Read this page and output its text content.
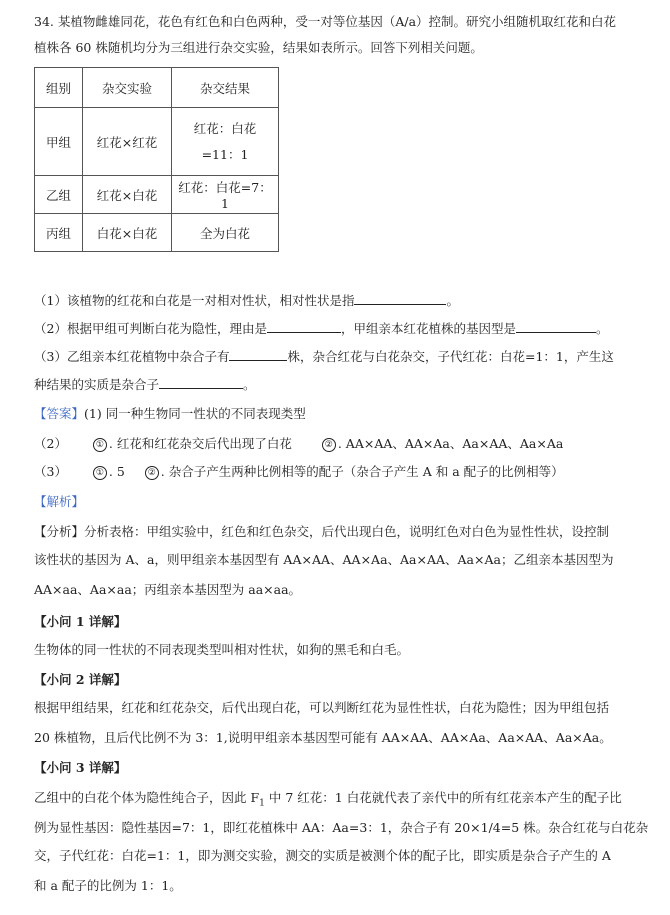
34. 某植物雌雄同花，花色有红色和白色两种，受一对等位基因（A/a）控制。研究小组随机取红花和白花
植株各 60 株随机均分为三组进行杂交实验，结果如表所示。回答下列相关问题。
组别	杂交实验	杂交结果
甲组	红花×红花	红花：白花=11：1
乙组	红花×白花	红花：白花=7：1
丙组	白花×白花	全为白花
（1）该植物的红花和白花是一对相对性状，相对性状是指	。
（2）根据甲组可判断白花为隐性，理由是	，甲组亲本红花植株的基因型是	。
（3）乙组亲本红花植物中杂合子有	株，杂合红花与白花杂交，子代红花：白花=1：1，产生这
种结果的实质是杂合子	。
【答案】(1) 同一种生物同一性状的不同表现类型
（2）	① . 红花和红花杂交后代出现了白花	② . AA×AA、AA×Aa、Aa×AA、Aa×Aa
（3）	① . 5	② . 杂合子产生两种比例相等的配子（杂合子产生 A 和 a 配子的比例相等）
【解析】
【分析】分析表格：甲组实验中，红色和红色杂交，后代出现白色，说明红色对白色为显性性状，设控制
该性状的基因为 A、a，则甲组亲本基因型有 AA×AA、AA×Aa、Aa×AA、Aa×Aa；乙组亲本基因型为
AA×aa、Aa×aa；丙组亲本基因型为 aa×aa。
【小问 1 详解】
生物体的同一性状的不同表现类型叫相对性状，如狗的黑毛和白毛。
【小问 2 详解】
根据甲组结果，红花和红花杂交，后代出现白花，可以判断红花为显性性状，白花为隐性；因为甲组包括
20 株植物，且后代比例不为 3：1,说明甲组亲本基因型可能有 AA×AA、AA×Aa、Aa×AA、Aa×Aa。
【小问 3 详解】
乙组中的白花个体为隐性纯合子，因此 $F_1$ 中 7 红花：1 白花就代表了亲代中的所有红花亲本产生的配子比
例为显性基因：隐性基因=7：1，即红花植株中 AA：Aa=3：1，杂合子有 20×1/4=5 株。杂合红花与白花杂
交，子代红花：白花=1：1，即为测交实验，测交的实质是被测个体的配子比，即实质是杂合子产生的 A
和 a 配子的比例为 1：1。
